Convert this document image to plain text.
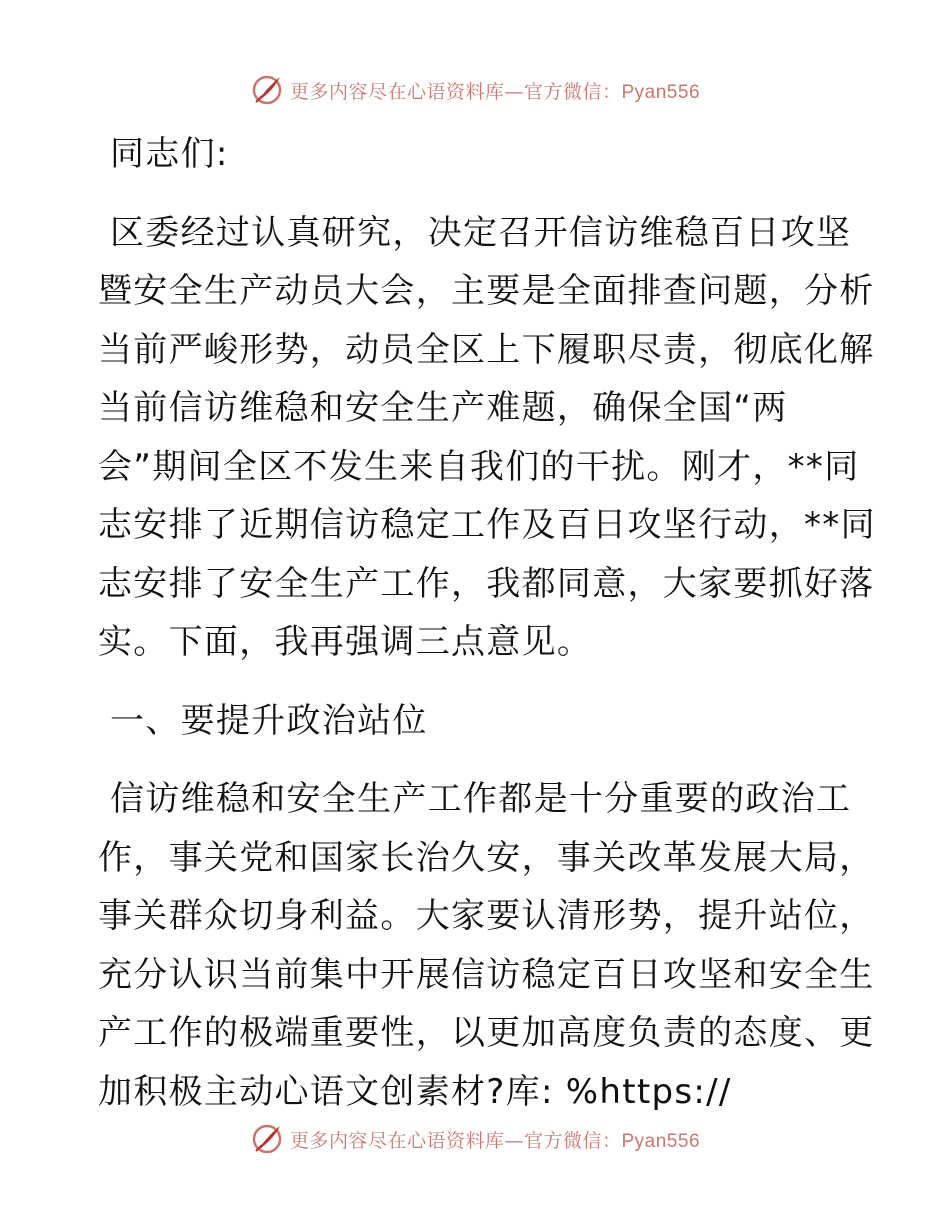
更多内容尽在心语资料库—官方微信：Pyan556
同志们:
区委经过认真研究，决定召开信访维稳百日攻坚
暨安全生产动员大会，主要是全面排查问题，分析
当前严峻形势，动员全区上下履职尽责，彻底化解
当前信访维稳和安全生产难题，确保全国“两
会”期间全区不发生来自我们的干扰。刚才，**同
志安排了近期信访稳定工作及百日攻坚行动，**同
志安排了安全生产工作，我都同意，大家要抓好落
实。下面，我再强调三点意见。
一、要提升政治站位
信访维稳和安全生产工作都是十分重要的政治工
作，事关党和国家长治久安，事关改革发展大局，
事关群众切身利益。大家要认清形势，提升站位，
充分认识当前集中开展信访稳定百日攻坚和安全生
产工作的极端重要性，以更加高度负责的态度、更
加积极主动心语文创素材?库: %https://
更多内容尽在心语资料库—官方微信：Pyan556
